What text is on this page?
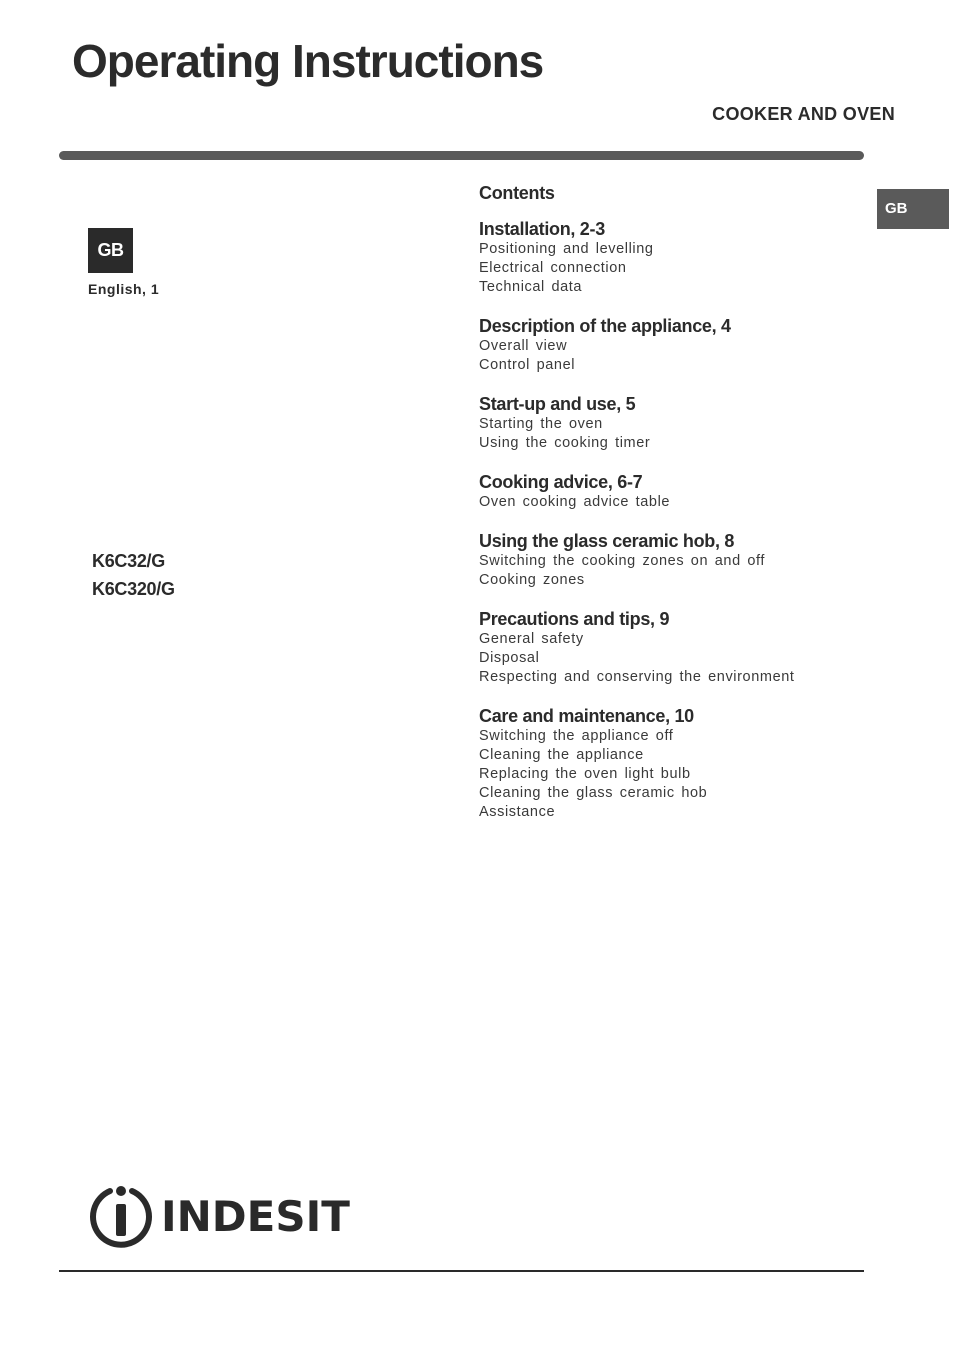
Operating Instructions
COOKER AND OVEN
GB
GB
English, 1
K6C32/G
K6C320/G
Contents
Installation, 2-3
Positioning and levelling
Electrical connection
Technical data
Description of the appliance, 4
Overall view
Control panel
Start-up and use, 5
Starting the oven
Using the cooking timer
Cooking advice, 6-7
Oven cooking advice table
Using the glass ceramic hob, 8
Switching the cooking zones on and off
Cooking zones
Precautions and tips, 9
General safety
Disposal
Respecting and conserving the environment
Care and maintenance, 10
Switching the appliance off
Cleaning the appliance
Replacing the oven light bulb
Cleaning the glass ceramic hob
Assistance
INDESIT
